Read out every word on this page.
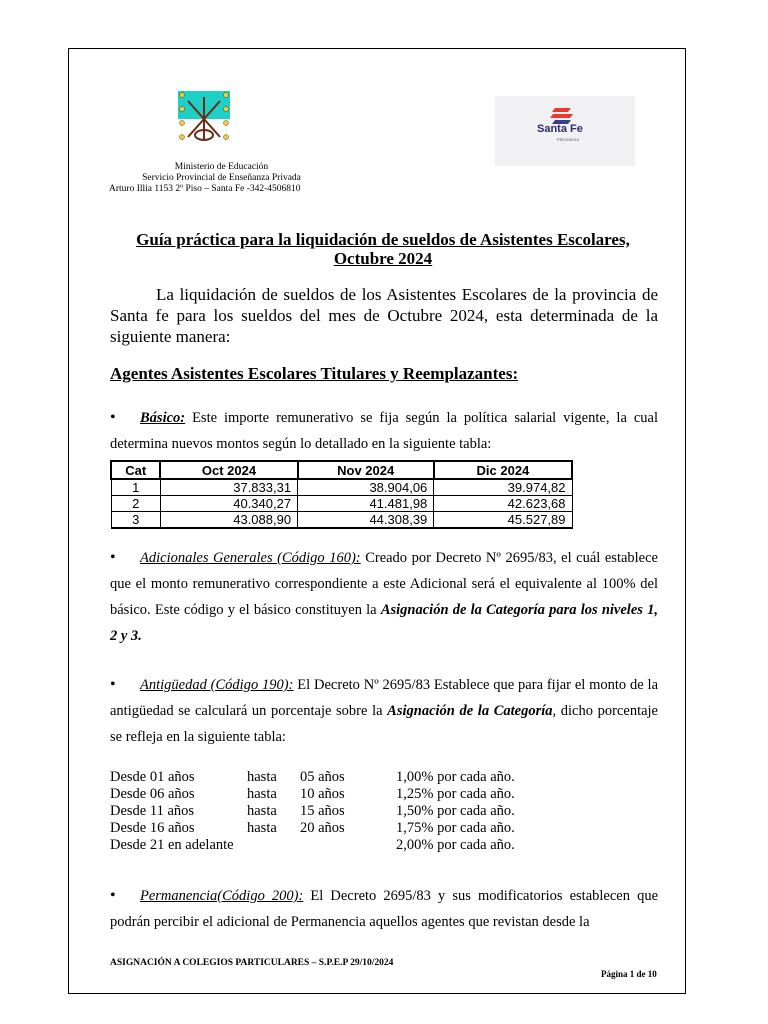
Santa Fe
PROVINCIA
Ministerio de Educación
Servicio Provincial de Enseñanza Privada
Arturo Illia 1153 2º Piso – Santa Fe -342-4506810
Guía práctica para la liquidación de sueldos de Asistentes Escolares,
Octubre 2024
La liquidación de sueldos de los Asistentes Escolares de la provincia de Santa fe para los sueldos del mes de Octubre 2024, esta determinada de la siguiente manera:
Agentes Asistentes Escolares Titulares y Reemplazantes:
•Básico: Este importe remunerativo se fija según la política salarial vigente, la cual determina nuevos montos según lo detallado en la siguiente tabla:
Cat	Oct 2024	Nov 2024	Dic 2024
1	37.833,31	38.904,06	39.974,82
2	40.340,27	41.481,98	42.623,68
3	43.088,90	44.308,39	45.527,89
•Adicionales Generales (Código 160): Creado por Decreto Nº 2695/83, el cuál establece que el monto remunerativo correspondiente a este Adicional será el equivalente al 100% del básico. Este código y el básico constituyen la Asignación de la Categoría para los niveles 1, 2 y 3.
•Antigüedad (Código 190): El Decreto Nº 2695/83 Establece que para fijar el monto de la antigüedad se calculará un porcentaje sobre la Asignación de la Categoría, dicho porcentaje se refleja en la siguiente tabla:
Desde 01 años	hasta 05 años	1,00% por cada año.
Desde 06 años	hasta 10 años	1,25% por cada año.
Desde 11 años	hasta 15 años	1,50% por cada año.
Desde 16 años	hasta 20 años	1,75% por cada año.
Desde 21 en adelante	2,00% por cada año.
•Permanencia(Código 200): El Decreto 2695/83 y sus modificatorios establecen que podrán percibir el adicional de Permanencia aquellos agentes que revistan desde la
ASIGNACIÓN A COLEGIOS PARTICULARES – S.P.E.P 29/10/2024
Página 1 de 10
